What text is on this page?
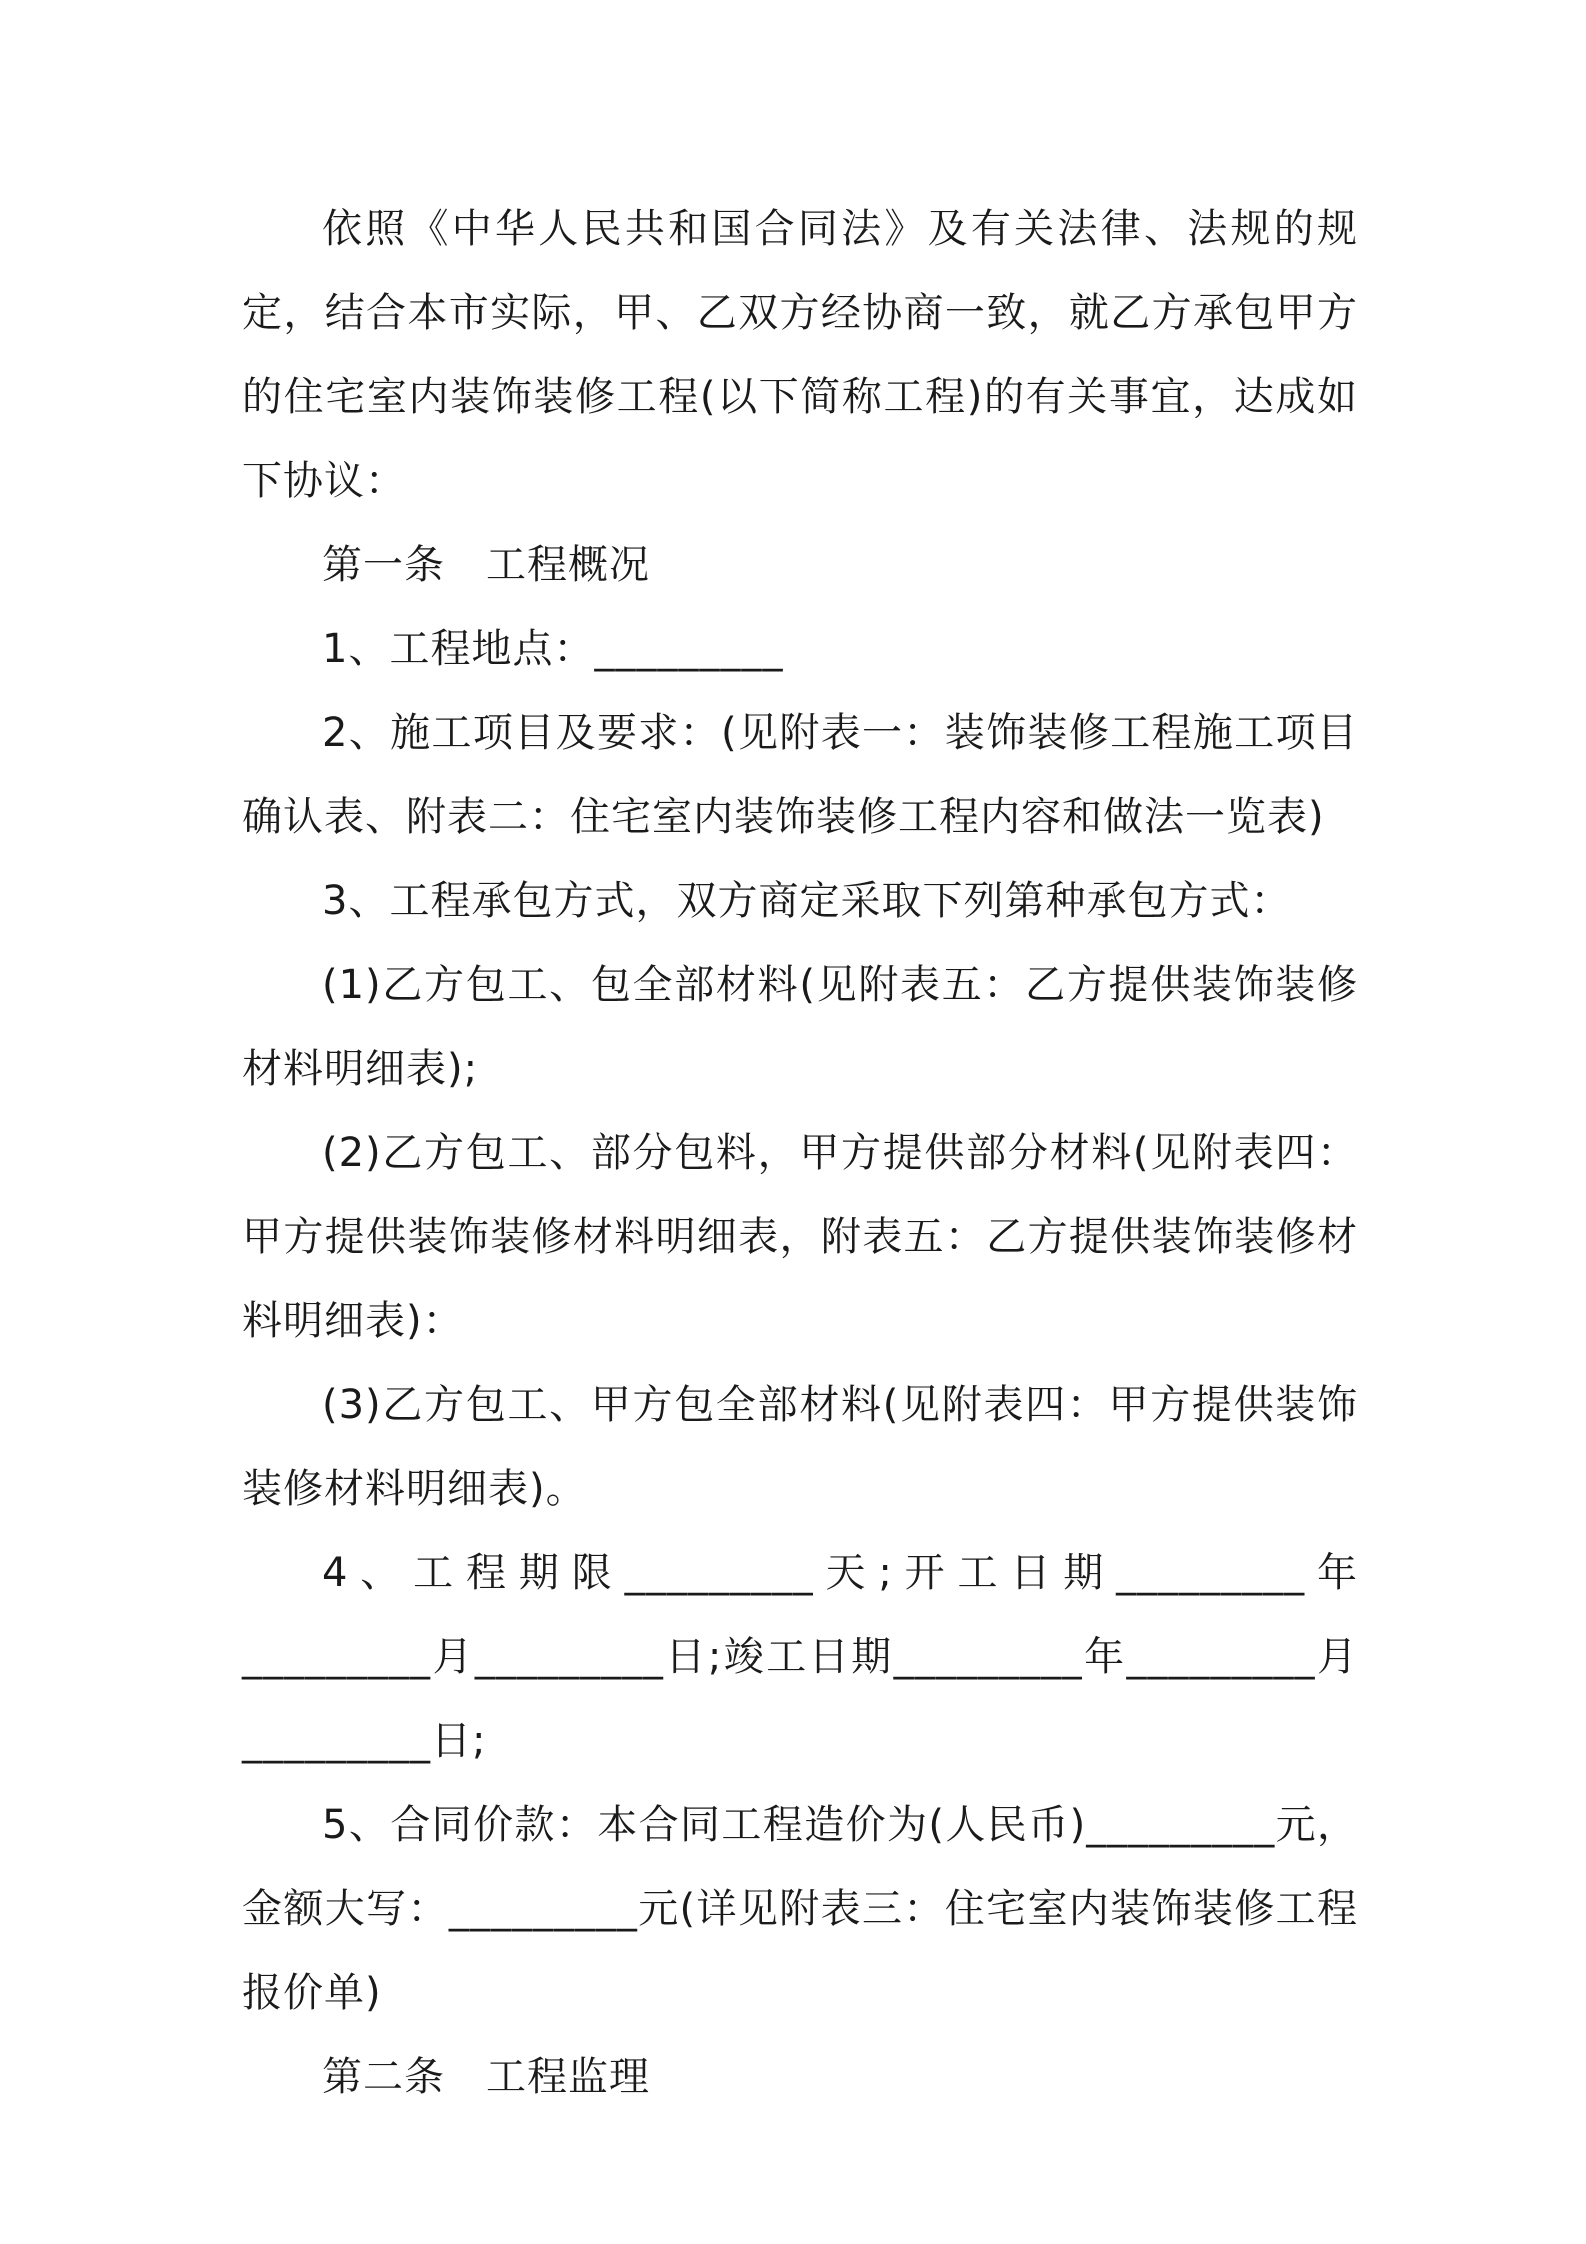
依照《中华人民共和国合同法》及有关法律、法规的规定，结合本市实际，甲、乙双方经协商一致，就乙方承包甲方的住宅室内装饰装修工程(以下简称工程)的有关事宜，达成如下协议：

第一条　工程概况

1、工程地点：_________

2、施工项目及要求：(见附表一：装饰装修工程施工项目确认表、附表二：住宅室内装饰装修工程内容和做法一览表)

3、工程承包方式，双方商定采取下列第种承包方式：

(1)乙方包工、包全部材料(见附表五：乙方提供装饰装修材料明细表);

(2)乙方包工、部分包料，甲方提供部分材料(见附表四：甲方提供装饰装修材料明细表，附表五：乙方提供装饰装修材料明细表)：

(3)乙方包工、甲方包全部材料(见附表四：甲方提供装饰装修材料明细表)。

4、工程期限_________天;开工日期_________年_________月_________日;竣工日期_________年_________月_________日;

5、合同价款：本合同工程造价为(人民币)_________元，金额大写：_________元(详见附表三：住宅室内装饰装修工程报价单)

第二条　工程监理
